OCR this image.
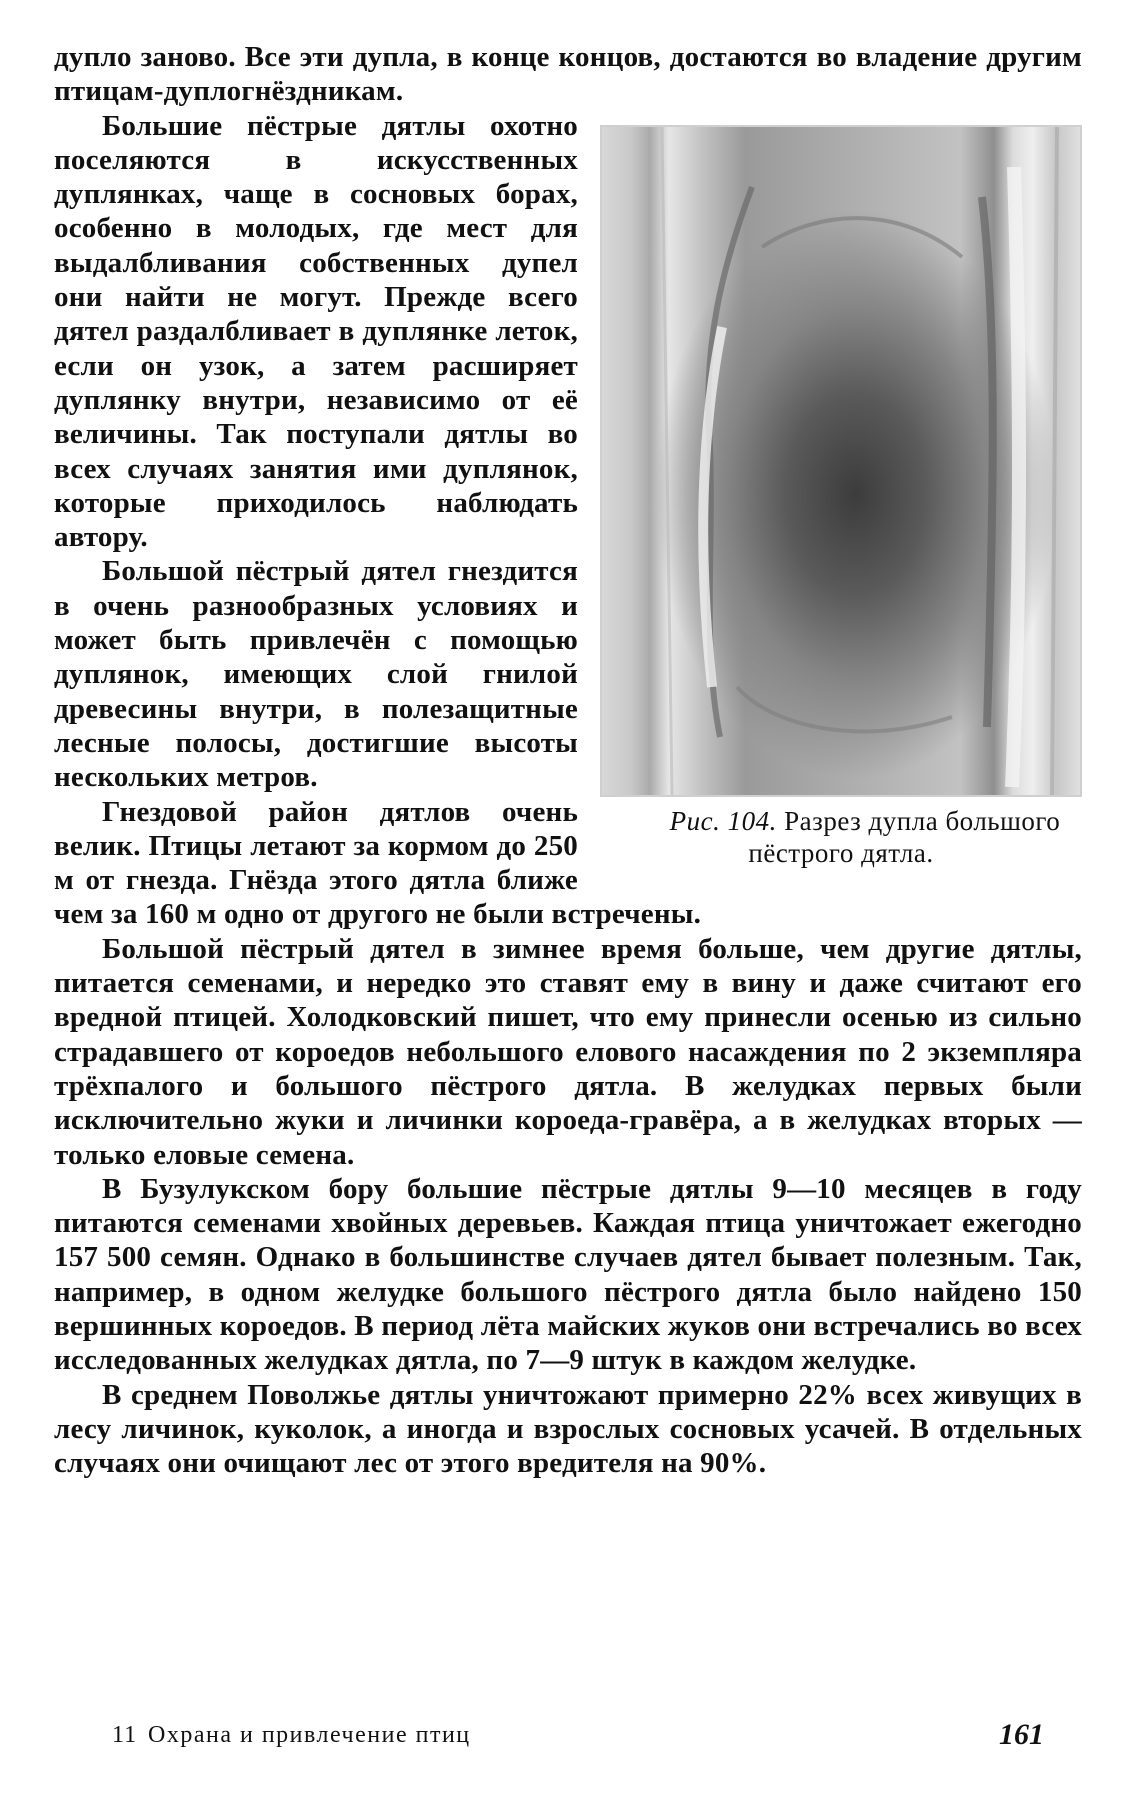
дупло заново. Все эти дупла, в конце концов, достаются во владение другим птицам-дуплогнёздникам.

Рис. 104. Разрез дупла большого пёстрого дятла.
Большие пёстрые дятлы охотно поселяются в искусственных дуплянках, чаще в сосновых борах, особенно в молодых, где мест для выдалбливания собственных дупел они найти не могут. Прежде всего дятел раздалбливает в дуплянке леток, если он узок, а затем расширяет дуплянку внутри, независимо от её величины. Так поступали дятлы во всех случаях занятия ими дуплянок, которые приходилось наблюдать автору.

Большой пёстрый дятел гнездится в очень разнообразных условиях и может быть привлечён с помощью дуплянок, имеющих слой гнилой древесины внутри, в полезащитные лесные полосы, достигшие высоты нескольких метров.

Гнездовой район дятлов очень велик. Птицы летают за кормом до 250 м от гнезда. Гнёзда этого дятла ближе чем за 160 м одно от другого не были встречены.

Большой пёстрый дятел в зимнее время больше, чем другие дятлы, питается семенами, и нередко это ставят ему в вину и даже считают его вредной птицей. Холодковский пишет, что ему принесли осенью из сильно страдавшего от короедов небольшого елового насаждения по 2 экземпляра трёхпалого и большого пёстрого дятла. В желудках первых были исключительно жуки и личинки короеда-гравёра, а в желудках вторых — только еловые семена.

В Бузулукском бору большие пёстрые дятлы 9—10 месяцев в году питаются семенами хвойных деревьев. Каждая птица уничтожает ежегодно 157 500 семян. Однако в большинстве случаев дятел бывает полезным. Так, например, в одном желудке большого пёстрого дятла было найдено 150 вершинных короедов. В период лёта майских жуков они встречались во всех исследованных желудках дятла, по 7—9 штук в каждом желудке.

В среднем Поволжье дятлы уничтожают примерно 22% всех живущих в лесу личинок, куколок, а иногда и взрослых сосновых усачей. В отдельных случаях они очищают лес от этого вредителя на 90%.

11 Охрана и привлечение птиц	161
